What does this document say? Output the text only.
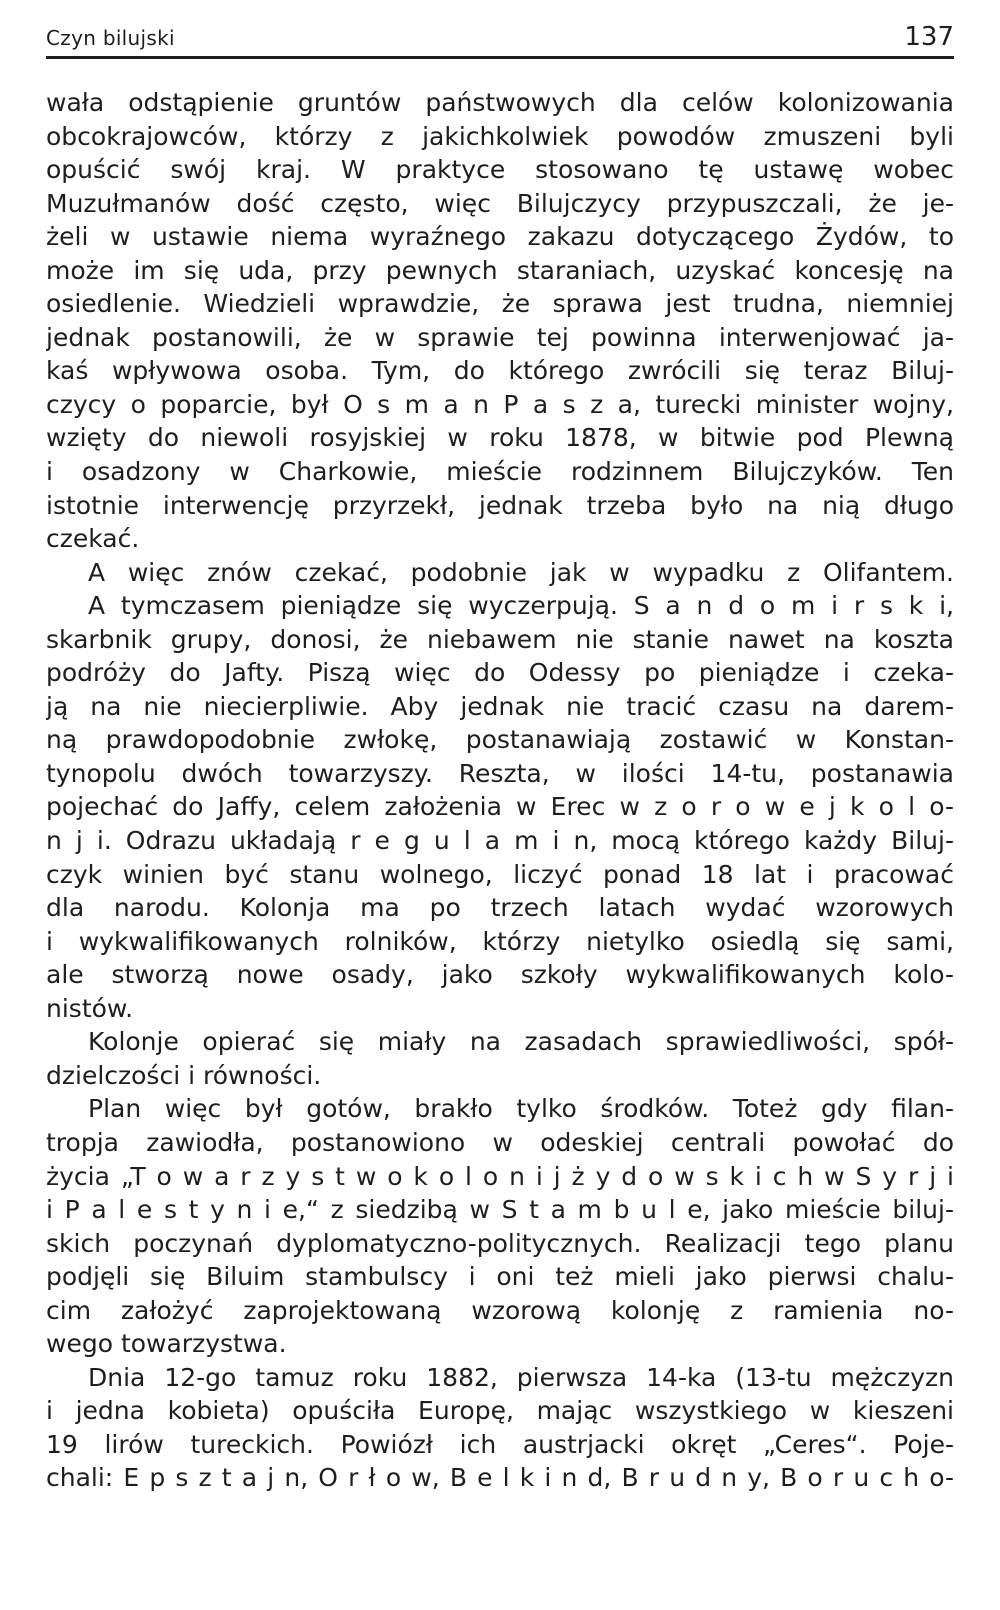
Czyn bilujski	137
wała odstąpienie gruntów państwowych dla celów kolonizowania
obcokrajowców, którzy z jakichkolwiek powodów zmuszeni byli
opuścić swój kraj. W praktyce stosowano tę ustawę wobec
Muzułmanów dość często, więc Bilujczycy przypuszczali, że je-
żeli w ustawie niema wyraźnego zakazu dotyczącego Żydów, to
może im się uda, przy pewnych staraniach, uzyskać koncesję na
osiedlenie. Wiedzieli wprawdzie, że sprawa jest trudna, niemniej
jednak postanowili, że w sprawie tej powinna interwenjować ja-
kaś wpływowa osoba. Tym, do którego zwrócili się teraz Biluj-
czycy o poparcie, był O s m a n P a s z a, turecki minister wojny,
wzięty do niewoli rosyjskiej w roku 1878, w bitwie pod Plewną
i osadzony w Charkowie, mieście rodzinnem Bilujczyków. Ten
istotnie interwencję przyrzekł, jednak trzeba było na nią długo
czekać.
A więc znów czekać, podobnie jak w wypadku z Olifantem.
A tymczasem pieniądze się wyczerpują. S a n d o m i r s k i,
skarbnik grupy, donosi, że niebawem nie stanie nawet na koszta
podróży do Jafty. Piszą więc do Odessy po pieniądze i czeka-
ją na nie niecierpliwie. Aby jednak nie tracić czasu na darem-
ną prawdopodobnie zwłokę, postanawiają zostawić w Konstan-
tynopolu dwóch towarzyszy. Reszta, w ilości 14-tu, postanawia
pojechać do Jaffy, celem założenia w Erec w z o r o w e j k o l o-
n j i. Odrazu układają r e g u l a m i n, mocą którego każdy Biluj-
czyk winien być stanu wolnego, liczyć ponad 18 lat i pracować
dla narodu. Kolonja ma po trzech latach wydać wzorowych
i wykwalifikowanych rolników, którzy nietylko osiedlą się sami,
ale stworzą nowe osady, jako szkoły wykwalifikowanych kolo-
nistów.
Kolonje opierać się miały na zasadach sprawiedliwości, spół-
dzielczości i równości.
Plan więc był gotów, brakło tylko środków. Toteż gdy filan-
tropja zawiodła, postanowiono w odeskiej centrali powołać do
życia „T o w a r z y s t w o k o l o n i j ż y d o w s k i c h w S y r j i
i P a l e s t y n i e,“ z siedzibą w S t a m b u l e, jako mieście biluj-
skich poczynań dyplomatyczno-politycznych. Realizacji tego planu
podjęli się Biluim stambulscy i oni też mieli jako pierwsi chalu-
cim założyć zaprojektowaną wzorową kolonję z ramienia no-
wego towarzystwa.
Dnia 12-go tamuz roku 1882, pierwsza 14-ka (13-tu mężczyzn
i jedna kobieta) opuściła Europę, mając wszystkiego w kieszeni
19 lirów tureckich. Powiózł ich austrjacki okręt „Ceres“. Poje-
chali: E p s z t a j n, O r ł o w, B e l k i n d, B r u d n y, B o r u c h o-
